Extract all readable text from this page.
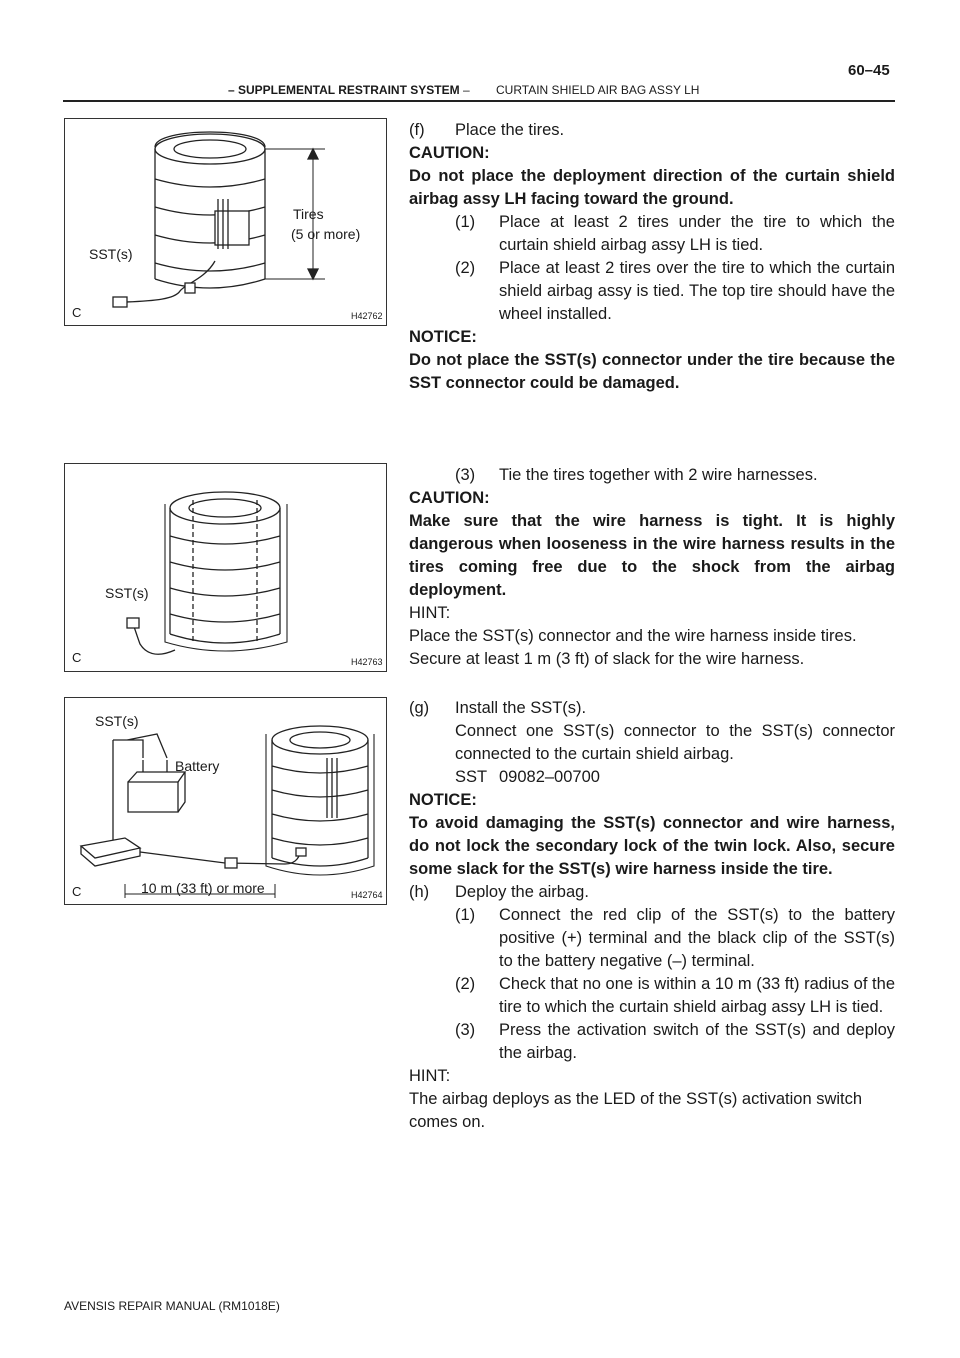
– SUPPLEMENTAL RESTRAINT SYSTEM – CURTAIN SHIELD AIR BAG ASSY LH
60–45
SST(s)
Tires
(5 or more)
C	H42762
SST(s)
C	H42763
SST(s)
Battery
10 m (33 ft) or more
C	H42764
(f)	Place the tires.

CAUTION:

Do not place the deployment direction of the curtain shield airbag assy LH facing toward the ground.

(1)	Place at least 2 tires under the tire to which the curtain shield airbag assy LH is tied.
(2)	Place at least 2 tires over the tire to which the curtain shield airbag assy is tied. The top tire should have the wheel installed.

NOTICE:

Do not place the SST(s) connector under the tire because the SST connector could be damaged.

(3)	Tie the tires together with 2 wire harnesses.

CAUTION:

Make sure that the wire harness is tight. It is highly dangerous when looseness in the wire harness results in the tires coming free due to the shock from the airbag deployment.

HINT:

Place the SST(s) connector and the wire harness inside tires. Secure at least 1 m (3 ft) of slack for the wire harness.

(g)	Install the SST(s).

Connect one SST(s) connector to the SST(s) connector connected to the curtain shield airbag.

SST 09082–00700

NOTICE:

To avoid damaging the SST(s) connector and wire harness, do not lock the secondary lock of the twin lock. Also, secure some slack for the SST(s) wire harness inside the tire.

(h)	Deploy the airbag.
(1)	Connect the red clip of the SST(s) to the battery positive (+) terminal and the black clip of the SST(s) to the battery negative (–) terminal.
(2)	Check that no one is within a 10 m (33 ft) radius of the tire to which the curtain shield airbag assy LH is tied.
(3)	Press the activation switch of the SST(s) and deploy the airbag.

HINT:

The airbag deploys as the LED of the SST(s) activation switch comes on.

AVENSIS REPAIR MANUAL (RM1018E)
